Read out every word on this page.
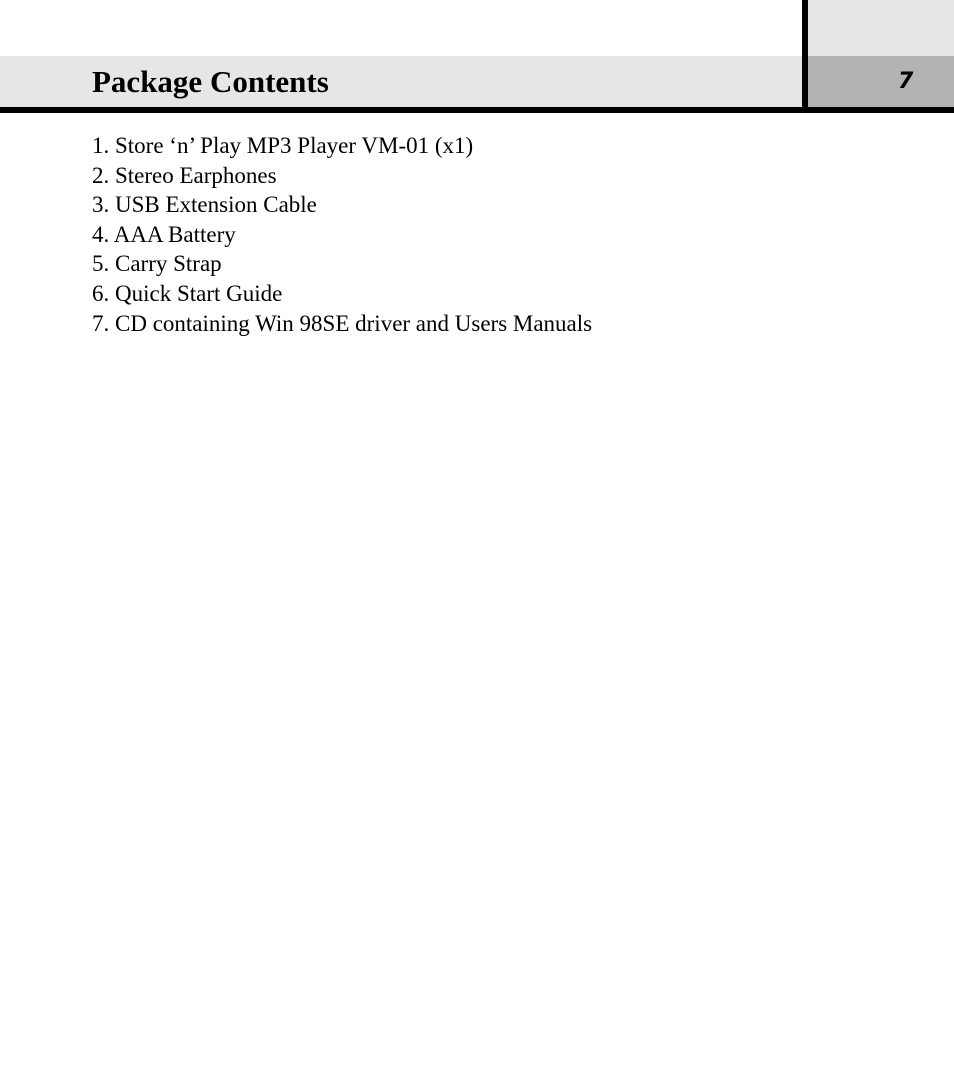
Package Contents	7
1. Store ‘n’ Play MP3 Player VM-01 (x1)
2. Stereo Earphones
3. USB Extension Cable
4. AAA Battery
5. Carry Strap
6. Quick Start Guide
7. CD containing Win 98SE driver and Users Manuals
